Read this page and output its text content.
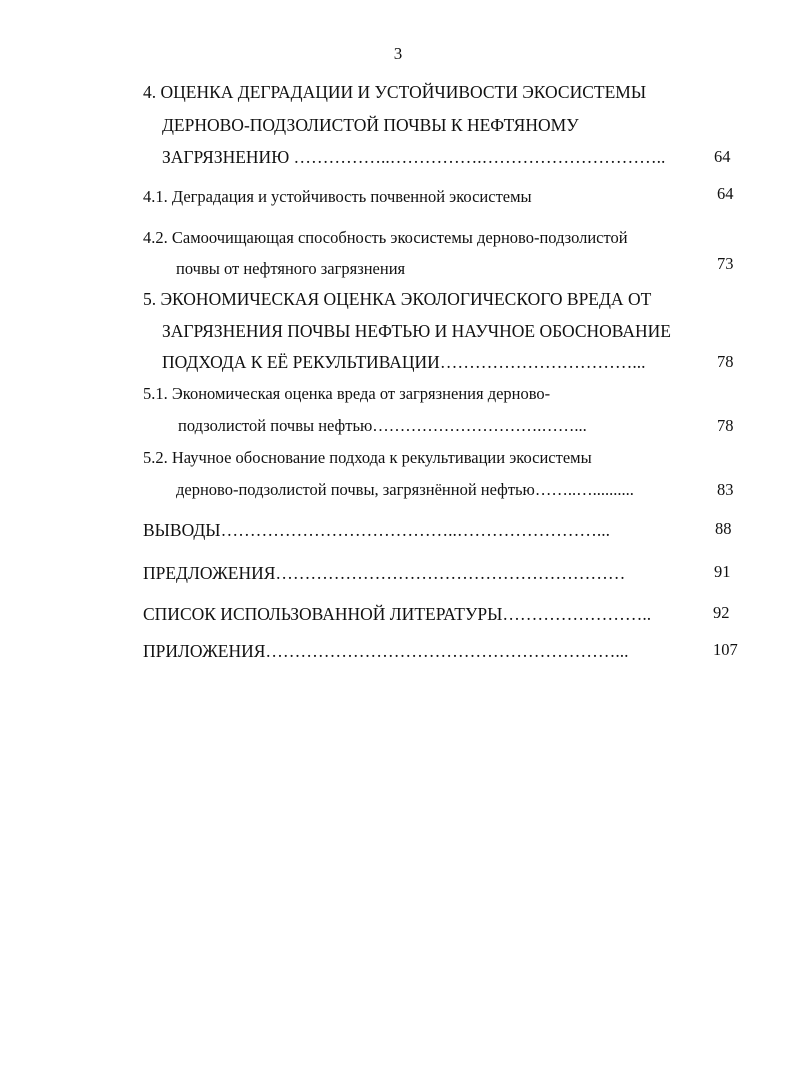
3
4. ОЦЕНКА ДЕГРАДАЦИИ И УСТОЙЧИВОСТИ ЭКОСИСТЕМЫ
ДЕРНОВО-ПОДЗОЛИСТОЙ ПОЧВЫ К НЕФТЯНОМУ
ЗАГРЯЗНЕНИЮ ……………..…………….…………………………..	64
4.1. Деградация и устойчивость почвенной экосистемы	64
4.2. Самоочищающая способность экосистемы дерново-подзолистой
почвы от нефтяного загрязнения	73
5. ЭКОНОМИЧЕСКАЯ ОЦЕНКА ЭКОЛОГИЧЕСКОГО ВРЕДА ОТ
ЗАГРЯЗНЕНИЯ ПОЧВЫ НЕФТЬЮ И НАУЧНОЕ ОБОСНОВАНИЕ
ПОДХОДА К ЕЁ РЕКУЛЬТИВАЦИИ……………………………...	78
5.1. Экономическая оценка вреда от загрязнения дерново-
подзолистой почвы нефтью………………………….……...	78
5.2. Научное обоснование подхода к рекультивации экосистемы
дерново-подзолистой почвы, загрязнённой нефтью……..…..........	83
ВЫВОДЫ…………………………………..……………………...	88
ПРЕДЛОЖЕНИЯ……………………………………………………	91
СПИСОК ИСПОЛЬЗОВАННОЙ ЛИТЕРАТУРЫ……………………..	92
ПРИЛОЖЕНИЯ……………………………………………………...	107
